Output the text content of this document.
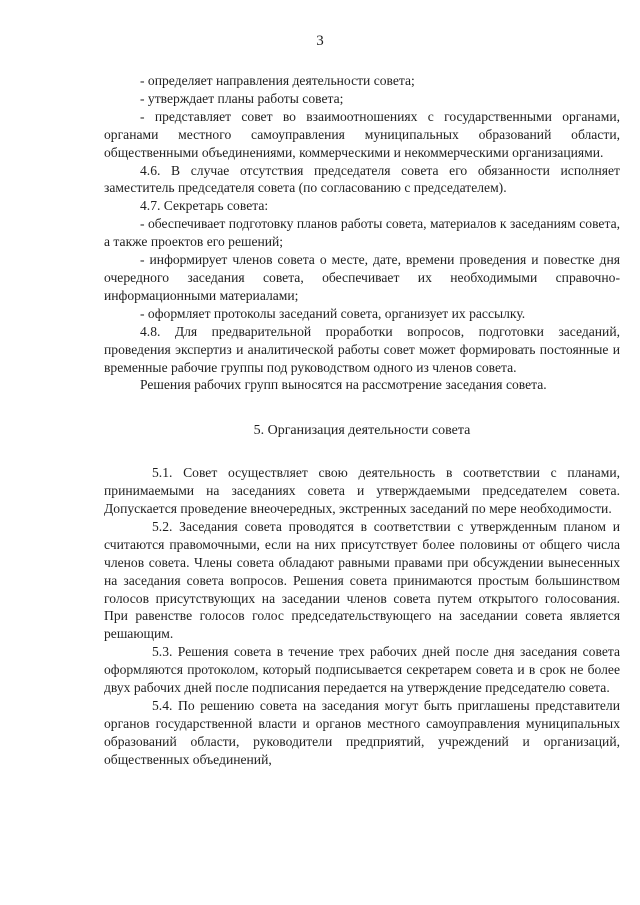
3

- определяет направления деятельности совета;

- утверждает планы работы совета;

- представляет совет во взаимоотношениях с государственными органами, органами местного самоуправления муниципальных образований области, общественными объединениями, коммерческими и некоммерческими организациями.

4.6. В случае отсутствия председателя совета его обязанности исполняет заместитель председателя совета (по согласованию с председателем).

4.7. Секретарь совета:

- обеспечивает подготовку планов работы совета, материалов к заседаниям совета, а также проектов его решений;

- информирует членов совета о месте, дате, времени проведения и повестке дня очередного заседания совета, обеспечивает их необходимыми справочно-информационными материалами;

- оформляет протоколы заседаний совета, организует их рассылку.

4.8. Для предварительной проработки вопросов, подготовки заседаний, проведения экспертиз и аналитической работы совет может формировать постоянные и временные рабочие группы под руководством одного из членов совета.

Решения рабочих групп выносятся на рассмотрение заседания совета.

5. Организация деятельности совета

5.1. Совет осуществляет свою деятельность в соответствии с планами, принимаемыми на заседаниях совета и утверждаемыми председателем совета. Допускается проведение внеочередных, экстренных заседаний по мере необходимости.

5.2. Заседания совета проводятся в соответствии с утвержденным планом и считаются правомочными, если на них присутствует более половины от общего числа членов совета. Члены совета обладают равными правами при обсуждении вынесенных на заседания совета вопросов. Решения совета принимаются простым большинством голосов присутствующих на заседании членов совета путем открытого голосования. При равенстве голосов голос председательствующего на заседании совета является решающим.

5.3. Решения совета в течение трех рабочих дней после дня заседания совета оформляются протоколом, который подписывается секретарем совета и в срок не более двух рабочих дней после подписания передается на утверждение председателю совета.

5.4. По решению совета на заседания могут быть приглашены представители органов государственной власти и органов местного самоуправления муниципальных образований области, руководители предприятий, учреждений и организаций, общественных объединений,
